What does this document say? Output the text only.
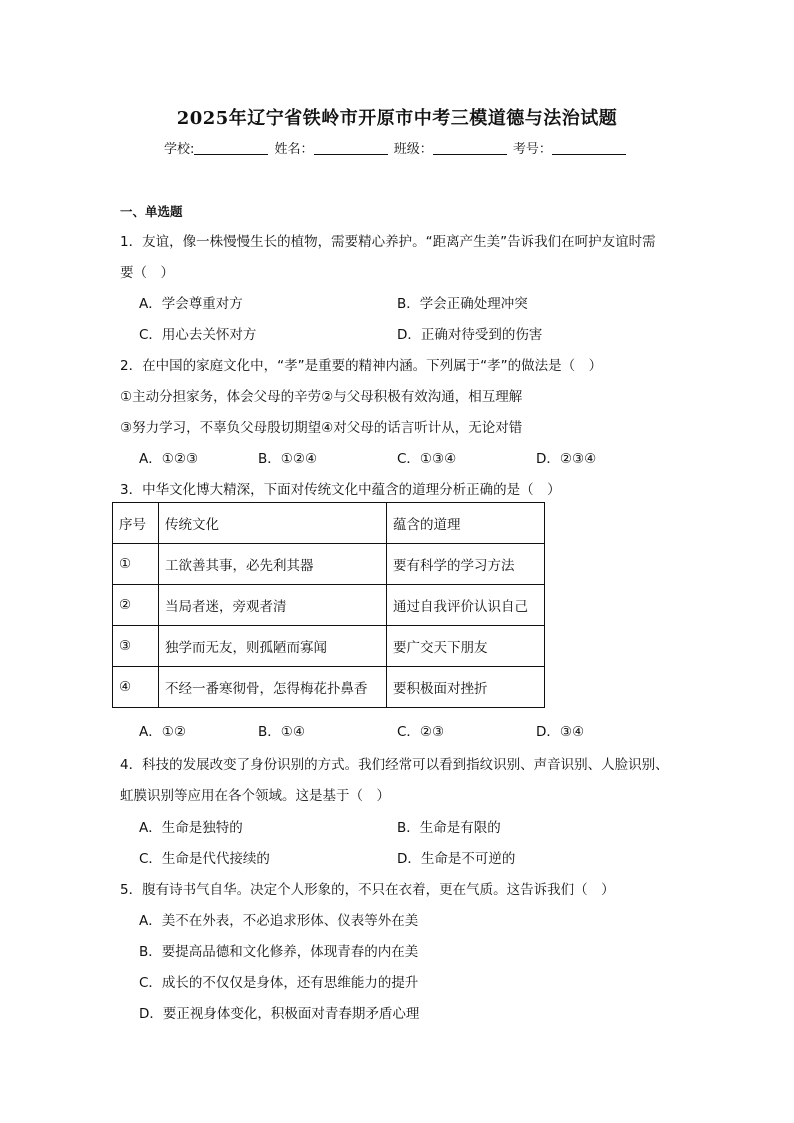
2025年辽宁省铁岭市开原市中考三模道德与法治试题
学校:	姓名：	班级：	考号：
一、单选题
1．友谊，像一株慢慢生长的植物，需要精心养护。“距离产生美”告诉我们在呵护友谊时需
要（　）
A．学会尊重对方	B．学会正确处理冲突
C．用心去关怀对方	D．正确对待受到的伤害
2．在中国的家庭文化中，“孝”是重要的精神内涵。下列属于“孝”的做法是（　）
①主动分担家务，体会父母的辛劳②与父母积极有效沟通，相互理解
③努力学习，不辜负父母殷切期望④对父母的话言听计从，无论对错
A．①②③	B．①②④	C．①③④	D．②③④
3．中华文化博大精深，下面对传统文化中蕴含的道理分析正确的是（　）
序号	传统文化	蕴含的道理
①	工欲善其事，必先利其器	要有科学的学习方法
②	当局者迷，旁观者清	通过自我评价认识自己
③	独学而无友，则孤陋而寡闻	要广交天下朋友
④	不经一番寒彻骨，怎得梅花扑鼻香	要积极面对挫折
A．①②	B．①④	C．②③	D．③④
4．科技的发展改变了身份识别的方式。我们经常可以看到指纹识别、声音识别、人脸识别、
虹膜识别等应用在各个领域。这是基于（　）
A．生命是独特的	B．生命是有限的
C．生命是代代接续的	D．生命是不可逆的
5．腹有诗书气自华。决定个人形象的，不只在衣着，更在气质。这告诉我们（　）
A．美不在外表，不必追求形体、仪表等外在美
B．要提高品德和文化修养，体现青春的内在美
C．成长的不仅仅是身体，还有思维能力的提升
D．要正视身体变化，积极面对青春期矛盾心理
